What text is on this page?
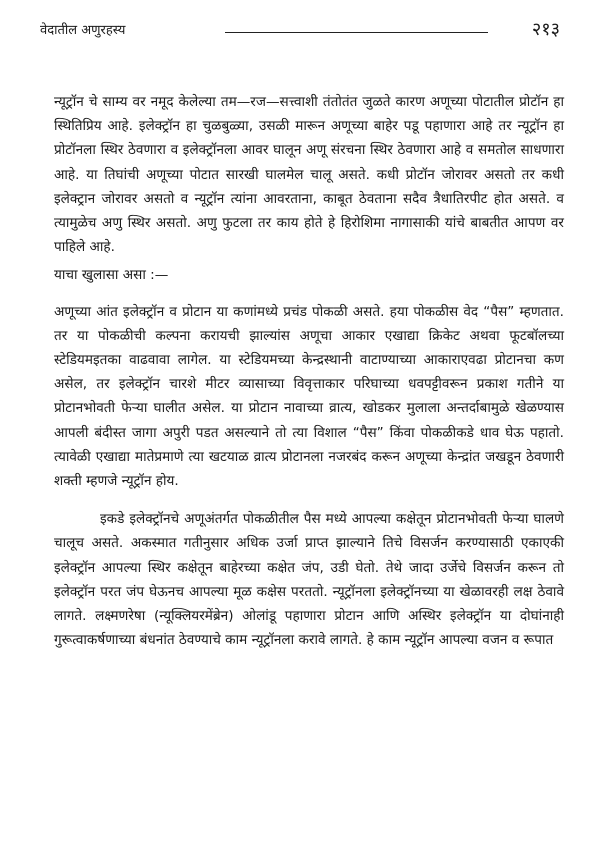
वेदातील अणुरहस्य	२१३

न्यूट्रॉन चे साम्य वर नमूद केलेल्या तम—रज—सत्त्वाशी तंतोतंत जुळते कारण अणूच्या पोटातील प्रोटॉन हा स्थितिप्रिय आहे. इलेक्ट्रॉन हा चुळबुळ्या, उसळी मारून अणूच्या बाहेर पडू पहाणारा आहे तर न्यूट्रॉन हा प्रोटॉनला स्थिर ठेवणारा व इलेक्ट्रॉनला आवर घालून अणू संरचना स्थिर ठेवणारा आहे व समतोल साधणारा आहे. या तिघांची अणूच्या पोटात सारखी घालमेल चालू असते. कधी प्रोटॉन जोरावर असतो तर कधी इलेक्ट्रान जोरावर असतो व न्यूट्रॉन त्यांना आवरताना, काबूत ठेवताना सदैव त्रैधातिरपीट होत असते. व त्यामुळेच अणु स्थिर असतो. अणु फुटला तर काय होते हे हिरोशिमा नागासाकी यांचे बाबतीत आपण वर पाहिले आहे.

याचा खुलासा असा :—

अणूच्या आंत इलेक्ट्रॉन व प्रोटान या कणांमध्ये प्रचंड पोकळी असते. हया पोकळीस वेद “पैस” म्हणतात. तर या पोकळीची कल्पना करायची झाल्यांस अणूचा आकार एखाद्या क्रिकेट अथवा फूटबॉलच्या स्टेडियमइतका वाढवावा लागेल. या स्टेडियमच्या केन्द्रस्थानी वाटाण्याच्या आकाराएवढा प्रोटानचा कण असेल, तर इलेक्ट्रॉन चारशे मीटर व्यासाच्या विवृत्ताकार परिघाच्या धवपट्टीवरून प्रकाश गतीने या प्रोटानभोवती फेऱ्या घालीत असेल. या प्रोटान नावाच्या व्रात्य, खोडकर मुलाला अन्तर्दाबामुळे खेळण्यास आपली बंदीस्त जागा अपुरी पडत असल्याने तो त्या विशाल “पैस” किंवा पोकळीकडे धाव घेऊ पहातो. त्यावेळी एखाद्या मातेप्रमाणे त्या खटयाळ व्रात्य प्रोटानला नजरबंद करून अणूच्या केन्द्रांत जखडून ठेवणारी शक्ती म्हणजे न्यूट्रॉन होय.

इकडे इलेक्ट्रॉनचे अणूअंतर्गत पोकळीतील पैस मध्ये आपल्या कक्षेतून प्रोटानभोवती फेऱ्या घालणे चालूच असते. अकस्मात गतीनुसार अधिक उर्जा प्राप्त झाल्याने तिचे विसर्जन करण्यासाठी एकाएकी इलेक्ट्रॉन आपल्या स्थिर कक्षेतून बाहेरच्या कक्षेत जंप, उडी घेतो. तेथे जादा उर्जेचे विसर्जन करून तो इलेक्ट्रॉन परत जंप घेऊनच आपल्या मूळ कक्षेस परततो. न्यूट्रॉनला इलेक्ट्रॉनच्या या खेळावरही लक्ष ठेवावे लागते. लक्ष्मणरेषा (न्यूक्लियरमेंब्रेन) ओलांडू पहाणारा प्रोटान आणि अस्थिर इलेक्ट्रॉन या दोघांनाही गुरूत्वाकर्षणाच्या बंधनांत ठेवण्याचे काम न्यूट्रॉनला करावे लागते. हे काम न्यूट्रॉन आपल्या वजन व रूपात
